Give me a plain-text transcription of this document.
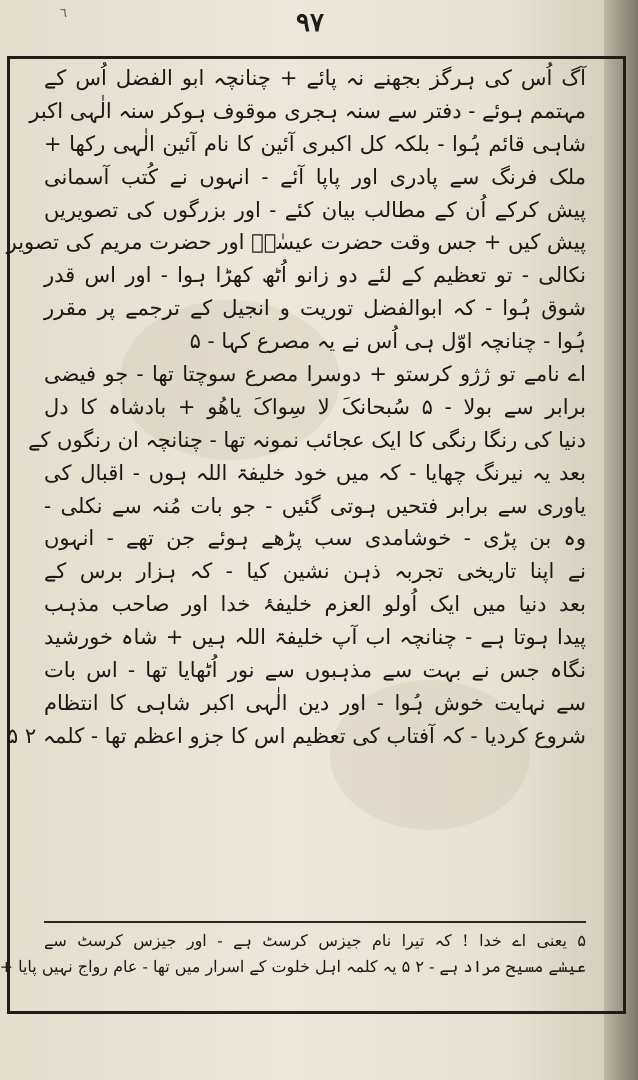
٦	۹۷
آگ اُس کی ہرگز بجھنے نہ پائے + چنانچہ ابو الفضل اُس کے
مہتمم ہوئے - دفتر سے سنہ ہجری موقوف ہوکر سنہ الٰہی اکبر
شاہی قائم ہُوا - بلکہ کل اکبری آئین کا نام آئین الٰہی رکھا +
ملک فرنگ سے پادری اور پاپا آئے - انہوں نے کُتب آسمانی
پیش کرکے اُن کے مطالب بیان کئے - اور بزرگوں کی تصویریں
پیش کیں + جس وقت حضرت عیسٰےؑ اور حضرت مریم کی تصویر
نکالی - تو تعظیم کے لئے دو زانو اُٹھ کھڑا ہوا - اور اس قدر
شوق ہُوا - کہ ابوالفضل توریت و انجیل کے ترجمے پر مقرر
ہُوا - چنانچہ اوّل ہی اُس نے یہ مصرع کہا - ۵
اے نامے تو ژژو کرستو + دوسرا مصرع سوچتا تھا - جو فیضی
برابر سے بولا - ۵ سُبحانکَ لا سِواکَ یاھُو + بادشاہ کا دل
دنیا کی رنگا رنگی کا ایک عجائب نمونہ تھا - چنانچہ ان رنگوں کے
بعد یہ نیرنگ چھایا - کہ میں خود خلیفۃ اللہ ہوں - اقبال کی
یاوری سے برابر فتحیں ہوتی گئیں - جو بات مُنہ سے نکلی -
وہ بن پڑی - خوشامدی سب پڑھے ہوئے جن تھے - انہوں
نے اپنا تاریخی تجربہ ذہن نشین کیا - کہ ہزار برس کے
بعد دنیا میں ایک اُولو العزم خلیفۂ خدا اور صاحب مذہب
پیدا ہوتا ہے - چنانچہ اب آپ خلیفۃ اللہ ہیں + شاہ خورشید
نگاہ جس نے بہت سے مذہبوں سے نور اُٹھایا تھا - اس بات
سے نہایت خوش ہُوا - اور دین الٰہی اکبر شاہی کا انتظام
شروع کردیا - کہ آفتاب کی تعظیم اس کا جزو اعظم تھا - کلمہ ۲ ۵
۵ یعنی اے خدا ! کہ تیرا نام جیزس کرسٹ ہے - اور جیزس کرسٹ سے
عیسٰے مسیح مراد ہے - ۲ ۵ یہ کلمہ اہل خلوت کے اسرار میں تھا - عام رواج نہیں پایا +
